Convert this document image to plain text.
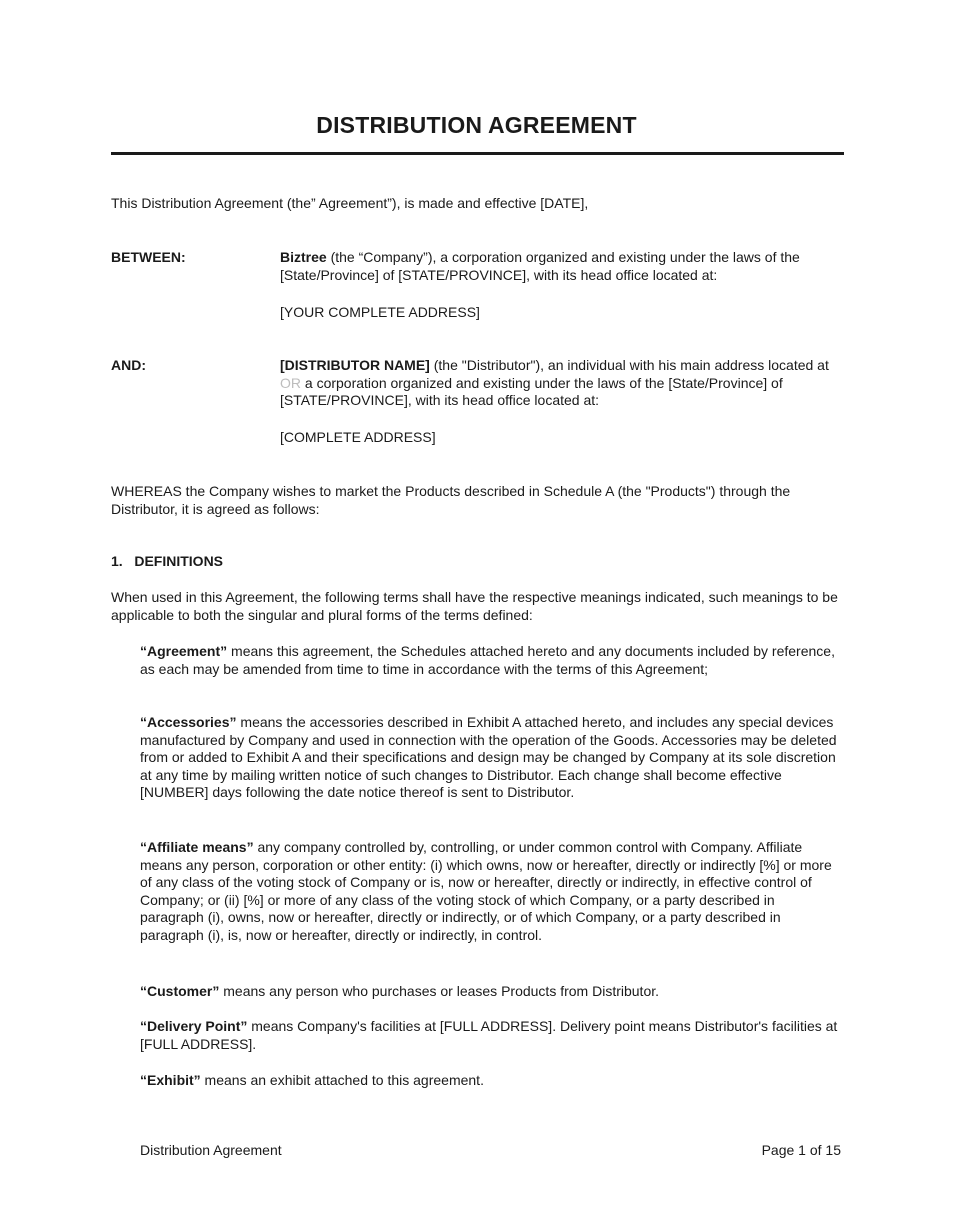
DISTRIBUTION AGREEMENT

This Distribution Agreement (the” Agreement”), is made and effective [DATE],

BETWEEN:	Biztree (the “Company”), a corporation organized and existing under the laws of the [State/Province] of [STATE/PROVINCE], with its head office located at:

[YOUR COMPLETE ADDRESS]

AND:	[DISTRIBUTOR NAME] (the "Distributor"), an individual with his main address located at OR a corporation organized and existing under the laws of the [State/Province] of [STATE/PROVINCE], with its head office located at:

[COMPLETE ADDRESS]

WHEREAS the Company wishes to market the Products described in Schedule A (the "Products") through the Distributor, it is agreed as follows:

1.   DEFINITIONS

When used in this Agreement, the following terms shall have the respective meanings indicated, such meanings to be applicable to both the singular and plural forms of the terms defined:

“Agreement” means this agreement, the Schedules attached hereto and any documents included by reference, as each may be amended from time to time in accordance with the terms of this Agreement;

“Accessories” means the accessories described in Exhibit A attached hereto, and includes any special devices manufactured by Company and used in connection with the operation of the Goods. Accessories may be deleted from or added to Exhibit A and their specifications and design may be changed by Company at its sole discretion at any time by mailing written notice of such changes to Distributor. Each change shall become effective [NUMBER] days following the date notice thereof is sent to Distributor.

“Affiliate means” any company controlled by, controlling, or under common control with Company. Affiliate means any person, corporation or other entity: (i) which owns, now or hereafter, directly or indirectly [%] or more of any class of the voting stock of Company or is, now or hereafter, directly or indirectly, in effective control of Company; or (ii) [%] or more of any class of the voting stock of which Company, or a party described in paragraph (i), owns, now or hereafter, directly or indirectly, or of which Company, or a party described in paragraph (i), is, now or hereafter, directly or indirectly, in control.

“Customer” means any person who purchases or leases Products from Distributor.

“Delivery Point” means Company's facilities at [FULL ADDRESS]. Delivery point means Distributor's facilities at [FULL ADDRESS].

“Exhibit” means an exhibit attached to this agreement.

Distribution Agreement	Page 1 of 15
